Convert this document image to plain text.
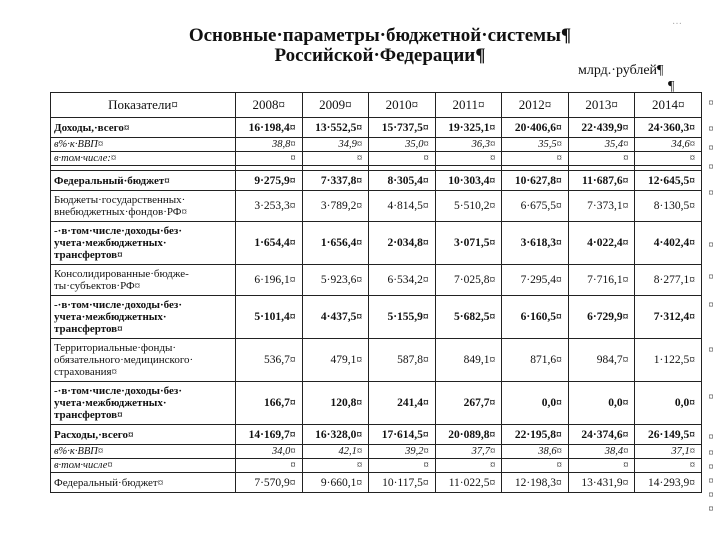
Основные·параметры·бюджетной·системы¶
Российской·Федерации¶
…
млрд.·рублей¶
¶
Показатели¤	2008¤	2009¤	2010¤	2011¤	2012¤	2013¤	2014¤
Доходы,·всего¤	16·198,4¤	13·552,5¤	15·737,5¤	19·325,1¤	20·406,6¤	22·439,9¤	24·360,3¤
в%·к·ВВП¤	38,8¤	34,9¤	35,0¤	36,3¤	35,5¤	35,4¤	34,6¤
в·том·числе:¤	¤	¤	¤	¤	¤	¤	¤

Федеральный·бюджет¤	9·275,9¤	7·337,8¤	8·305,4¤	10·303,4¤	10·627,8¤	11·687,6¤	12·645,5¤
Бюджеты·государственных· внебюджетных·фондов·РФ¤	3·253,3¤	3·789,2¤	4·814,5¤	5·510,2¤	6·675,5¤	7·373,1¤	8·130,5¤
-·в·том·числе·доходы·без· учета·межбюджетных· трансфертов¤	1·654,4¤	1·656,4¤	2·034,8¤	3·071,5¤	3·618,3¤	4·022,4¤	4·402,4¤
Консолидированные·бюдже- ты·субъектов·РФ¤	6·196,1¤	5·923,6¤	6·534,2¤	7·025,8¤	7·295,4¤	7·716,1¤	8·277,1¤
-·в·том·числе·доходы·без· учета·межбюджетных· трансфертов¤	5·101,4¤	4·437,5¤	5·155,9¤	5·682,5¤	6·160,5¤	6·729,9¤	7·312,4¤
Территориальные·фонды· обязательного·медицинского· страхования¤	536,7¤	479,1¤	587,8¤	849,1¤	871,6¤	984,7¤	1·122,5¤
-·в·том·числе·доходы·без· учета·межбюджетных· трансфертов¤	166,7¤	120,8¤	241,4¤	267,7¤	0,0¤	0,0¤	0,0¤
Расходы,·всего¤	14·169,7¤	16·328,0¤	17·614,5¤	20·089,8¤	22·195,8¤	24·374,6¤	26·149,5¤
в%·к·ВВП¤	34,0¤	42,1¤	39,2¤	37,7¤	38,6¤	38,4¤	37,1¤
в·том·числе¤	¤	¤	¤	¤	¤	¤	¤
Федеральный·бюджет¤	7·570,9¤	9·660,1¤	10·117,5¤	11·022,5¤	12·198,3¤	13·431,9¤	14·293,9¤
¤
¤
¤
¤
¤
¤
¤
¤
¤
¤
¤
¤
¤
¤
¤
¤
